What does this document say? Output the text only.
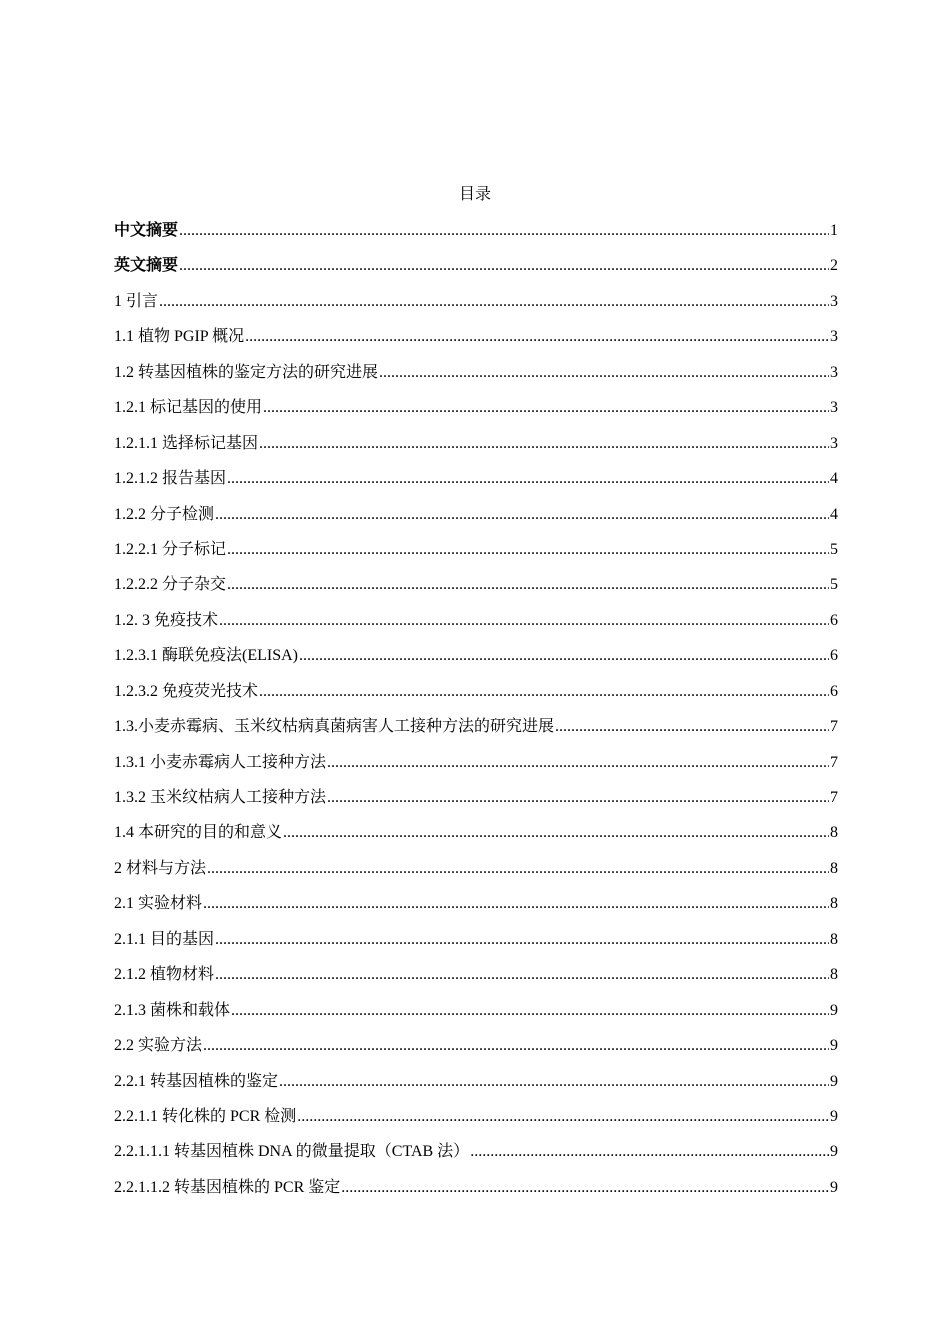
目录
中文摘要 .....	1
英文摘要 .....	2
1 引言 .....	3
1.1 植物 PGIP 概况 .....	3
1.2 转基因植株的鉴定方法的研究进展 .....	3
1.2.1 标记基因的使用 .....	3
1.2.1.1 选择标记基因 .....	3
1.2.1.2 报告基因 .....	4
1.2.2 分子检测 .....	4
1.2.2.1 分子标记 .....	5
1.2.2.2 分子杂交 .....	5
1.2. 3 免疫技术 .....	6
1.2.3.1 酶联免疫法(ELISA) .....	6
1.2.3.2 免疫荧光技术 .....	6
1.3.小麦赤霉病、玉米纹枯病真菌病害人工接种方法的研究进展 .....	7
1.3.1 小麦赤霉病人工接种方法 .....	7
1.3.2 玉米纹枯病人工接种方法 .....	7
1.4 本研究的目的和意义 .....	8
2 材料与方法 .....	8
2.1 实验材料 .....	8
2.1.1 目的基因 .....	8
2.1.2 植物材料 .....	8
2.1.3 菌株和载体 .....	9
2.2 实验方法 .....	9
2.2.1 转基因植株的鉴定 .....	9
2.2.1.1 转化株的 PCR 检测 .....	9
2.2.1.1.1 转基因植株 DNA 的微量提取（CTAB 法） .....	9
2.2.1.1.2 转基因植株的 PCR 鉴定 .....	9
